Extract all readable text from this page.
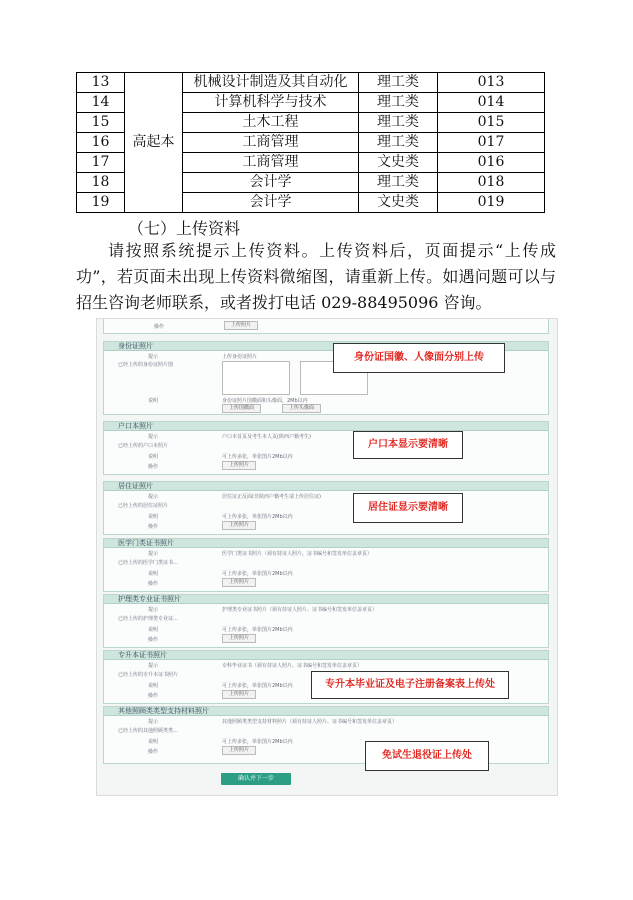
13	高起本	机械设计制造及其自动化	理工类	013
14		计算机科学与技术	理工类	014
15		土木工程	理工类	015
16		工商管理	理工类	017
17		工商管理	文史类	016
18		会计学	理工类	018
19		会计学	文史类	019
（七）上传资料
请按照系统提示上传资料。上传资料后，页面提示“上传成功”，若页面未出现上传资料微缩图，请重新上传。如遇问题可以与招生咨询老师联系，或者拨打电话 029-88495096 咨询。
操作	上传照片
身份证照片
提示	上传身份证照片
已经上传的身份证照片图
说明	身份证照片国徽面和头像面，2Mb以内
上传国徽面	上传头像面
户口本照片
提示	户口本首页及考生本人页(陕西户籍考生)
已经上传的户口本照片
说明	可上传多张，单张图片2Mb以内
操作	上传照片
居住证照片
提示	居住证正反面(非陕西户籍考生请上传居住证)
已经上传的居住证照片
说明	可上传多张，单张图片2Mb以内
操作	上传照片
医学门类证书照片
提示	医学门类证书照片（须有持证人照片、证书编号和签发单位盖章页）
已经上传的医学门类证书...
说明	可上传多张，单张图片2Mb以内
操作	上传照片
护理类专业证书照片
提示	护理类专业证书照片（须有持证人照片、证书编号和签发单位盖章页）
已经上传的护理类专业证...
说明	可上传多张，单张图片2Mb以内
操作	上传照片
专升本证书照片
提示	专科毕业证书（须有持证人照片、证书编号和签发单位盖章页）
已经上传的专升本证书照片
说明	可上传多张，单张图片2Mb以内
操作	上传照片
其他照顾类类型支持材料照片
提示	其他照顾类类型支持材料照片（须有持证人照片、证书编号和签发单位盖章页）
已经上传的其他照顾类类...
说明	可上传多张，单张图片2Mb以内
操作	上传照片
确认并下一步
身份证国徽、人像面分别上传
户口本显示要清晰
居住证显示要清晰
专升本毕业证及电子注册备案表上传处
免试生退役证上传处
